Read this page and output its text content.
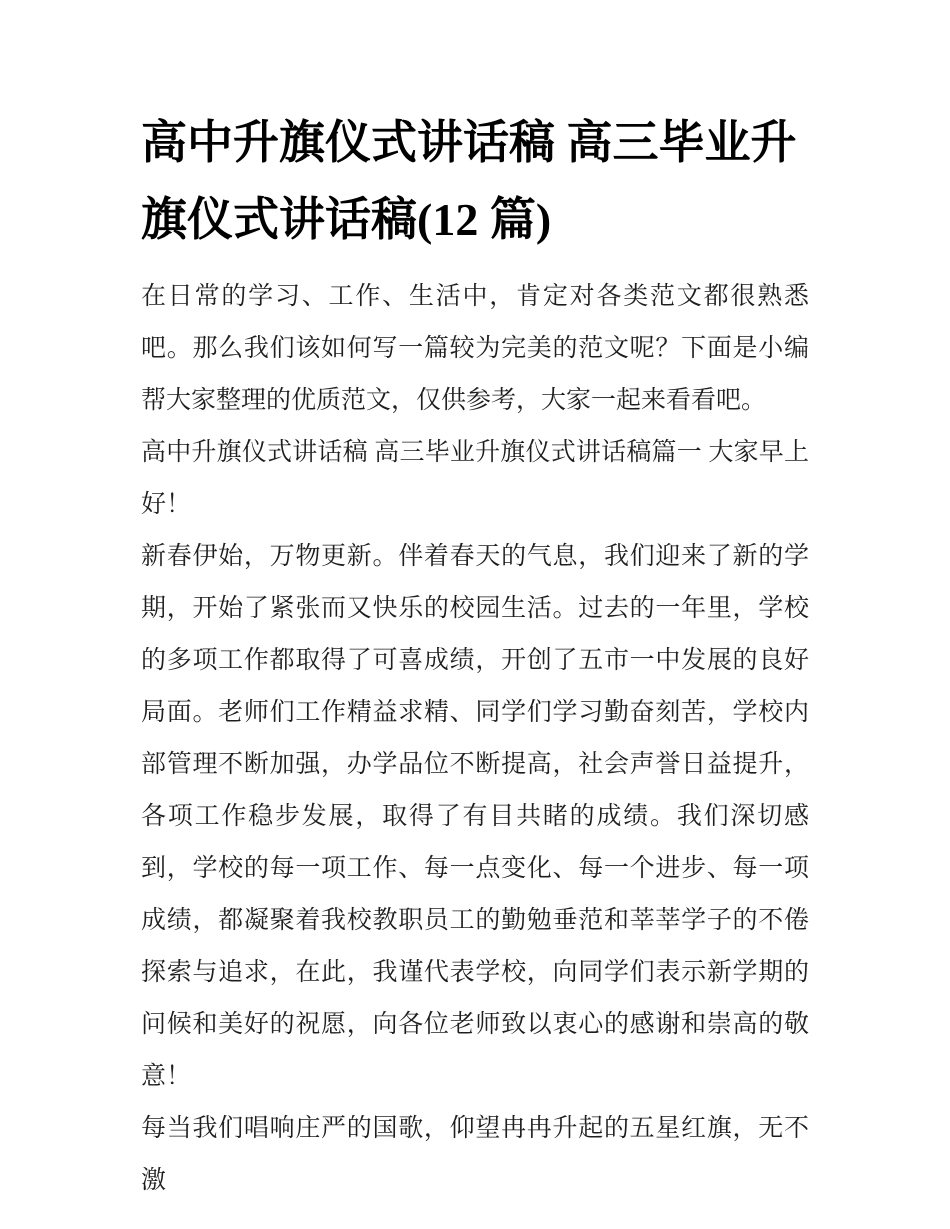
高中升旗仪式讲话稿 高三毕业升旗仪式讲话稿(12 篇)

在日常的学习、工作、生活中，肯定对各类范文都很熟悉吧。那么我们该如何写一篇较为完美的范文呢？下面是小编帮大家整理的优质范文，仅供参考，大家一起来看看吧。

高中升旗仪式讲话稿 高三毕业升旗仪式讲话稿篇一 大家早上好！

新春伊始，万物更新。伴着春天的气息，我们迎来了新的学期，开始了紧张而又快乐的校园生活。过去的一年里，学校的多项工作都取得了可喜成绩，开创了五市一中发展的良好局面。老师们工作精益求精、同学们学习勤奋刻苦，学校内部管理不断加强，办学品位不断提高，社会声誉日益提升，各项工作稳步发展，取得了有目共睹的成绩。我们深切感到，学校的每一项工作、每一点变化、每一个进步、每一项成绩，都凝聚着我校教职员工的勤勉垂范和莘莘学子的不倦探索与追求，在此，我谨代表学校，向同学们表示新学期的问候和美好的祝愿，向各位老师致以衷心的感谢和崇高的敬意！

每当我们唱响庄严的国歌，仰望冉冉升起的五星红旗，无不激
